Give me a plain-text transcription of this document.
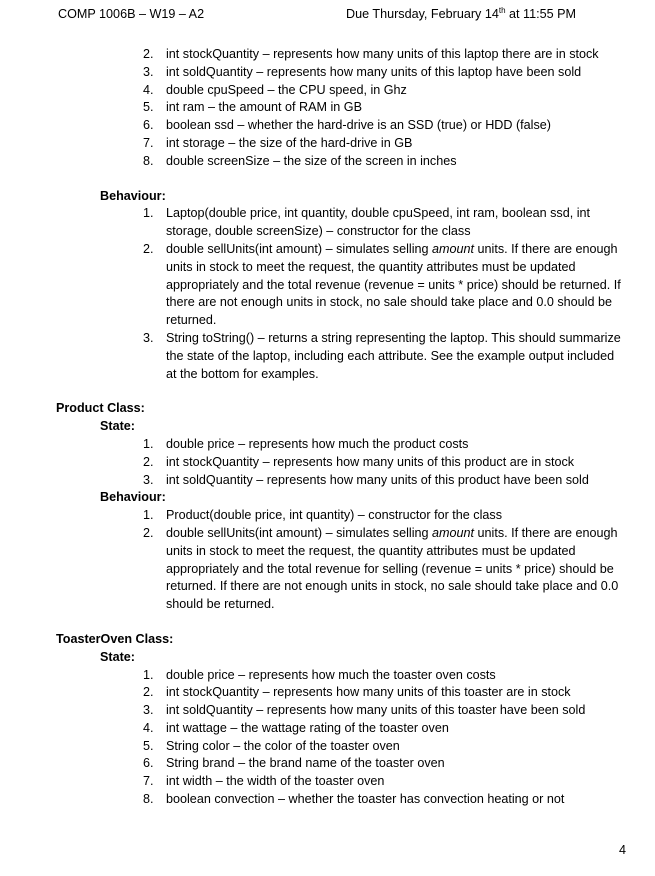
COMP 1006B – W19 – A2	Due Thursday, February 14th at 11:55 PM
2. int stockQuantity – represents how many units of this laptop there are in stock
3. int soldQuantity – represents how many units of this laptop have been sold
4. double cpuSpeed – the CPU speed, in Ghz
5. int ram – the amount of RAM in GB
6. boolean ssd – whether the hard-drive is an SSD (true) or HDD (false)
7. int storage – the size of the hard-drive in GB
8. double screenSize – the size of the screen in inches
Behaviour:
1. Laptop(double price, int quantity, double cpuSpeed, int ram, boolean ssd, int storage, double screenSize) – constructor for the class
2. double sellUnits(int amount) – simulates selling amount units. If there are enough units in stock to meet the request, the quantity attributes must be updated appropriately and the total revenue (revenue = units * price) should be returned. If there are not enough units in stock, no sale should take place and 0.0 should be returned.
3. String toString() – returns a string representing the laptop. This should summarize the state of the laptop, including each attribute. See the example output included at the bottom for examples.
Product Class:
State:
1. double price – represents how much the product costs
2. int stockQuantity – represents how many units of this product are in stock
3. int soldQuantity – represents how many units of this product have been sold
Behaviour:
1. Product(double price, int quantity) – constructor for the class
2. double sellUnits(int amount) – simulates selling amount units. If there are enough units in stock to meet the request, the quantity attributes must be updated appropriately and the total revenue for selling (revenue = units * price) should be returned. If there are not enough units in stock, no sale should take place and 0.0 should be returned.
ToasterOven Class:
State:
1. double price – represents how much the toaster oven costs
2. int stockQuantity – represents how many units of this toaster are in stock
3. int soldQuantity – represents how many units of this toaster have been sold
4. int wattage – the wattage rating of the toaster oven
5. String color – the color of the toaster oven
6. String brand – the brand name of the toaster oven
7. int width – the width of the toaster oven
8. boolean convection – whether the toaster has convection heating or not
4
